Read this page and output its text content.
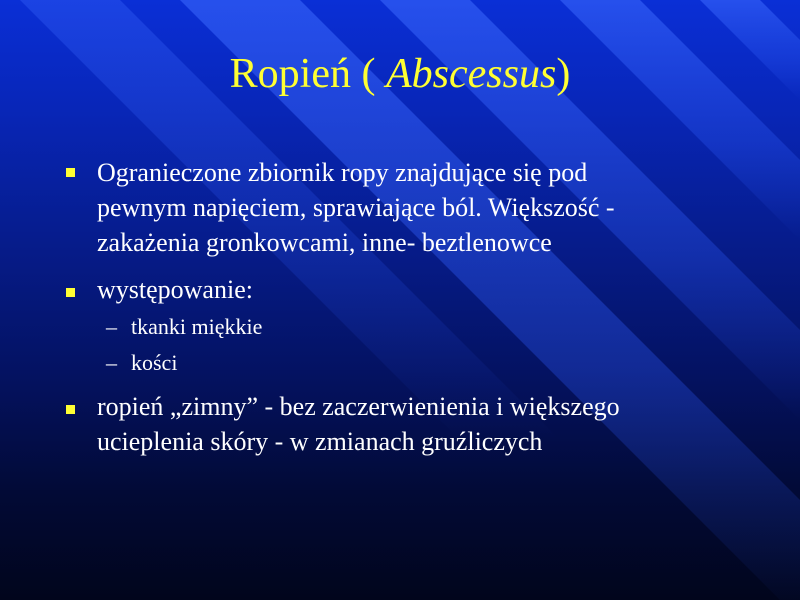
Ropień ( Abscessus)
Ogranieczone zbiornik ropy znajdujące się pod
pewnym napięciem, sprawiające ból. Większość -
zakażenia gronkowcami, inne- beztlenowce
występowanie:
– tkanki miękkie
– kości
ropień „zimny” - bez zaczerwienienia i większego
ucieplenia skóry - w zmianach gruźliczych
